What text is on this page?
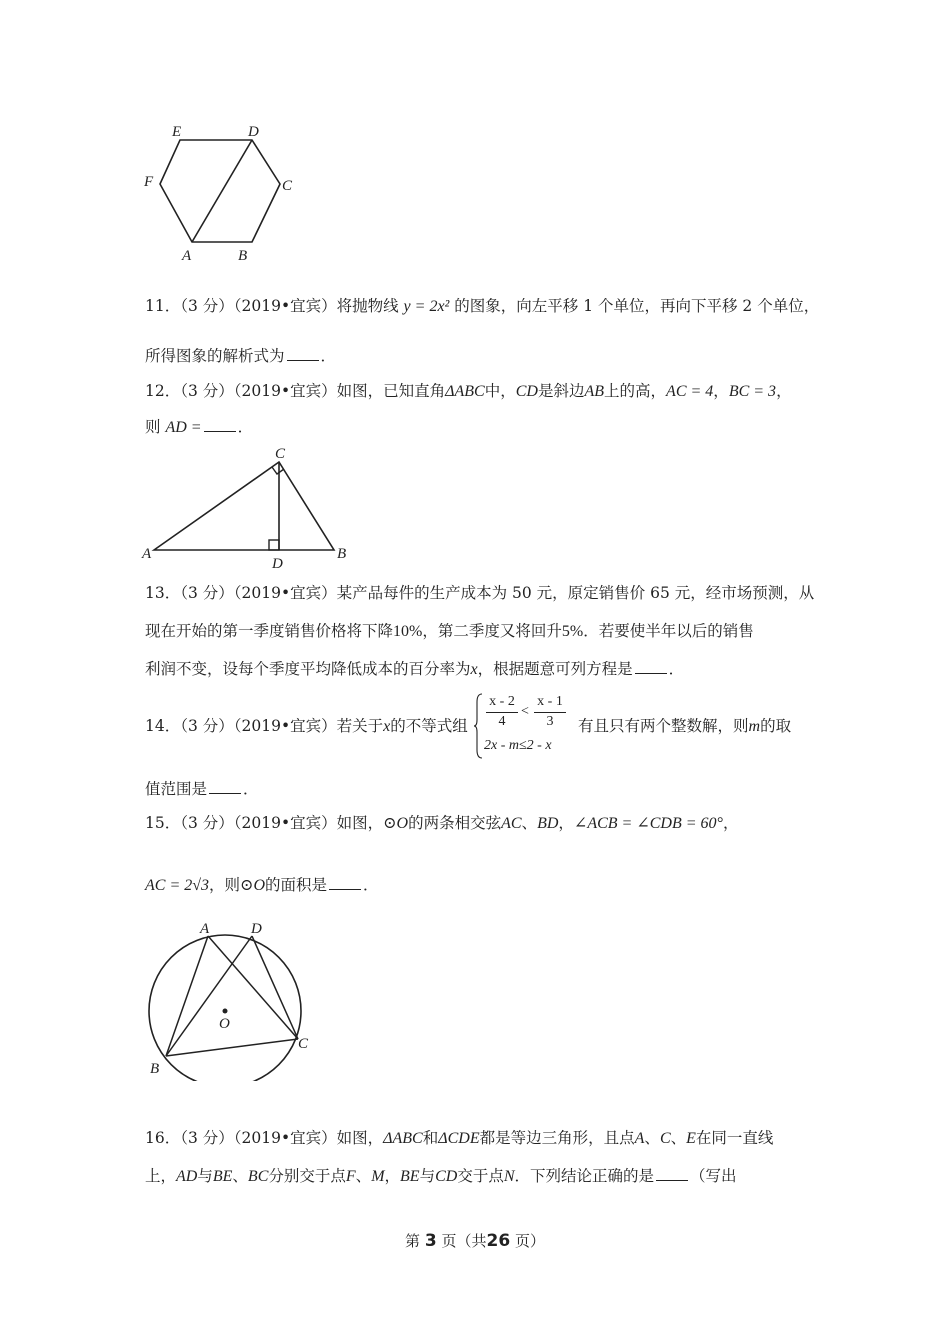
E	D
F	C
A	B
11．（3 分）（2019•宜宾）将抛物线 y = 2x² 的图象，向左平移 1 个单位，再向下平移 2 个单位，
所得图象的解析式为 ．
12．（3 分）（2019•宜宾）如图，已知直角ΔABC中，CD是斜边AB上的高，AC = 4，BC = 3，
则 AD = ．
C
A
D
B
13．（3 分）（2019•宜宾）某产品每件的生产成本为 50 元，原定销售价 65 元，经市场预测，从
现在开始的第一季度销售价格将下降10%，第二季度又将回升5%．若要使半年以后的销售
利润不变，设每个季度平均降低成本的百分率为x，根据题意可列方程是 ．
14．（3 分）（2019•宜宾）若关于x的不等式组
x - 2
4
<
x - 1
3
2x - m≤2 - x
有且只有两个整数解，则m的取
值范围是 ．
15．（3 分）（2019•宜宾）如图，⊙O的两条相交弦AC、BD，∠ACB = ∠CDB = 60°，
AC = 2√3，则⊙O的面积是 ．
A	D
O
B
C
16．（3 分）（2019•宜宾）如图，ΔABC和ΔCDE都是等边三角形，且点A、C、E在同一直线
上，AD与BE、BC分别交于点F、M，BE与CD交于点N．下列结论正确的是 （写出
第 3 页（共26 页）
